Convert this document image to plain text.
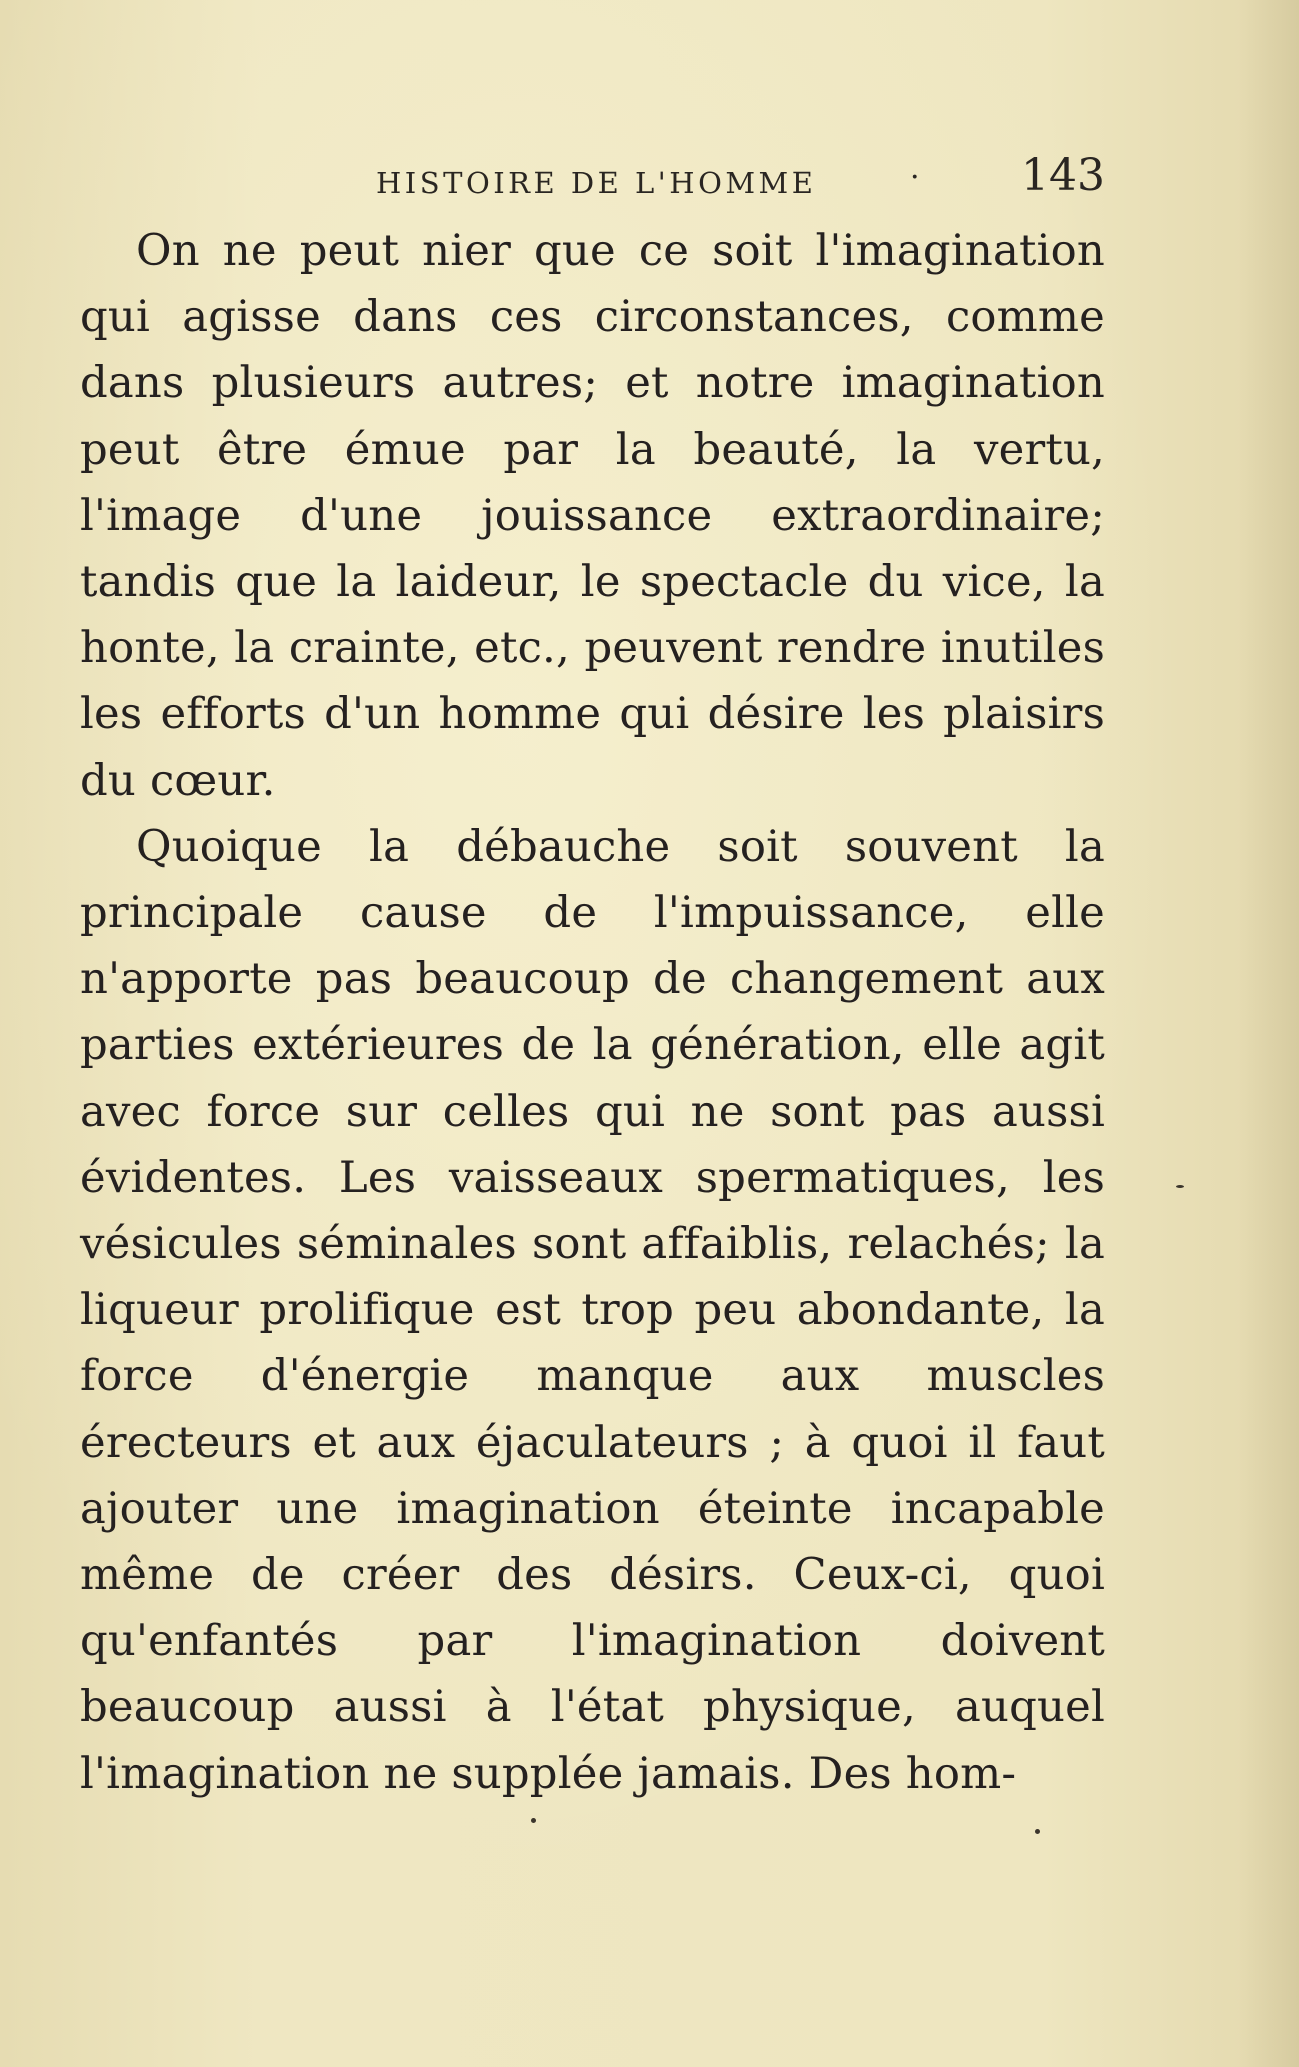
HISTOIRE DE L'HOMME	· 143

On ne peut nier que ce soit l'imagination qui agisse dans ces circonstances, comme dans plusieurs autres; et notre imagination peut être émue par la beauté, la vertu, l'image d'une jouissance extraordinaire; tandis que la laideur, le spectacle du vice, la honte, la crainte, etc., peuvent rendre inutiles les efforts d'un homme qui désire les plaisirs du cœur.

Quoique la débauche soit souvent la principale cause de l'impuissance, elle n'apporte pas beaucoup de changement aux parties extérieures de la génération, elle agit avec force sur celles qui ne sont pas aussi évidentes. Les vaisseaux spermatiques, les vésicules séminales sont affaiblis, relachés; la liqueur prolifique est trop peu abondante, la force d'énergie manque aux muscles érecteurs et aux éjaculateurs ; à quoi il faut ajouter une imagination éteinte incapable même de créer des désirs. Ceux-ci, quoi qu'enfantés par l'imagination doivent beaucoup aussi à l'état physique, auquel l'imagination ne supplée jamais. Des hom-
